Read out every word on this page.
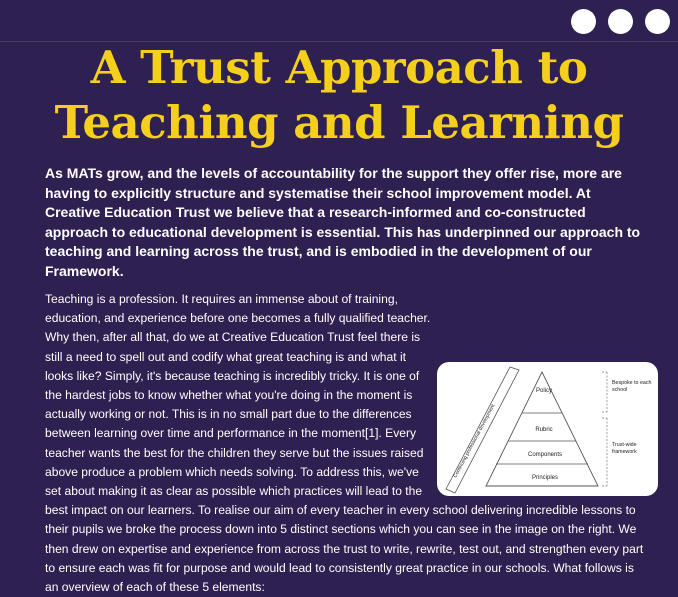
A Trust Approach to
Teaching and Learning

As MATs grow, and the levels of accountability for the support they offer rise, more are having to explicitly structure and systematise their school improvement model. At Creative Education Trust we believe that a research-informed and co-constructed approach to educational development is essential. This has underpinned our approach to teaching and learning across the trust, and is embodied in the development of our Framework.

Policy
Rubric
Components
Principles
Continuing professional development
Bespoke to each school
Trust-wide framework
Teaching is a profession. It requires an immense about of training, education, and experience before one becomes a fully qualified teacher. Why then, after all that, do we at Creative Education Trust feel there is still a need to spell out and codify what great teaching is and what it looks like? Simply, it's because teaching is incredibly tricky. It is one of the hardest jobs to know whether what you're doing in the moment is actually working or not. This is in no small part due to the differences between learning over time and performance in the moment[1]. Every teacher wants the best for the children they serve but the issues raised above produce a problem which needs solving. To address this, we've set about making it as clear as possible which practices will lead to the best impact on our learners. To realise our aim of every teacher in every school delivering incredible lessons to their pupils we broke the process down into 5 distinct sections which you can see in the image on the right. We then drew on expertise and experience from across the trust to write, rewrite, test out, and strengthen every part to ensure each was fit for purpose and would lead to consistently great practice in our schools. What follows is an overview of each of these 5 elements:
